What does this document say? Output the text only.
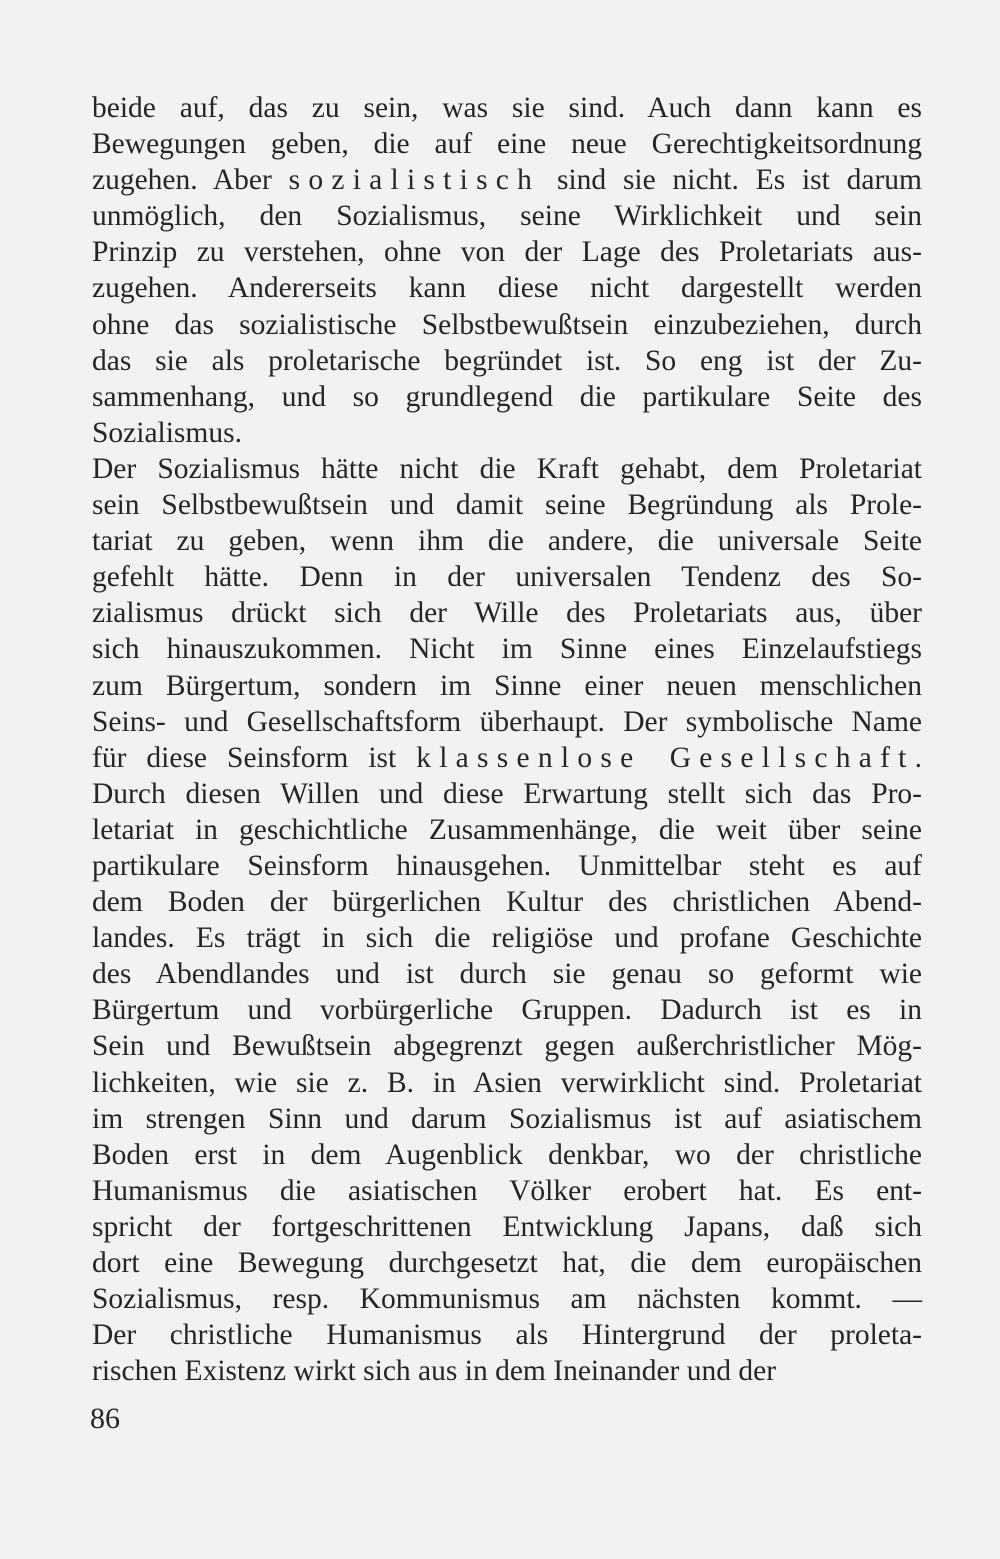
beide auf, das zu sein, was sie sind. Auch dann kann es
Bewegungen geben, die auf eine neue Gerechtigkeitsordnung
zugehen. Aber sozialistisch sind sie nicht. Es ist darum
unmöglich, den Sozialismus, seine Wirklichkeit und sein
Prinzip zu verstehen, ohne von der Lage des Proletariats aus-
zugehen. Andererseits kann diese nicht dargestellt werden
ohne das sozialistische Selbstbewußtsein einzubeziehen, durch
das sie als proletarische begründet ist. So eng ist der Zu-
sammenhang, und so grundlegend die partikulare Seite des
Sozialismus.
Der Sozialismus hätte nicht die Kraft gehabt, dem Proletariat
sein Selbstbewußtsein und damit seine Begründung als Prole-
tariat zu geben, wenn ihm die andere, die universale Seite
gefehlt hätte. Denn in der universalen Tendenz des So-
zialismus drückt sich der Wille des Proletariats aus, über
sich hinauszukommen. Nicht im Sinne eines Einzelaufstiegs
zum Bürgertum, sondern im Sinne einer neuen menschlichen
Seins- und Gesellschaftsform überhaupt. Der symbolische Name
für diese Seinsform ist klassenlose Gesellschaft.
Durch diesen Willen und diese Erwartung stellt sich das Pro-
letariat in geschichtliche Zusammenhänge, die weit über seine
partikulare Seinsform hinausgehen. Unmittelbar steht es auf
dem Boden der bürgerlichen Kultur des christlichen Abend-
landes. Es trägt in sich die religiöse und profane Geschichte
des Abendlandes und ist durch sie genau so geformt wie
Bürgertum und vorbürgerliche Gruppen. Dadurch ist es in
Sein und Bewußtsein abgegrenzt gegen außerchristlicher Mög-
lichkeiten, wie sie z. B. in Asien verwirklicht sind. Proletariat
im strengen Sinn und darum Sozialismus ist auf asiatischem
Boden erst in dem Augenblick denkbar, wo der christliche
Humanismus die asiatischen Völker erobert hat. Es ent-
spricht der fortgeschrittenen Entwicklung Japans, daß sich
dort eine Bewegung durchgesetzt hat, die dem europäischen
Sozialismus, resp. Kommunismus am nächsten kommt. —
Der christliche Humanismus als Hintergrund der proleta-
rischen Existenz wirkt sich aus in dem Ineinander und der
86
